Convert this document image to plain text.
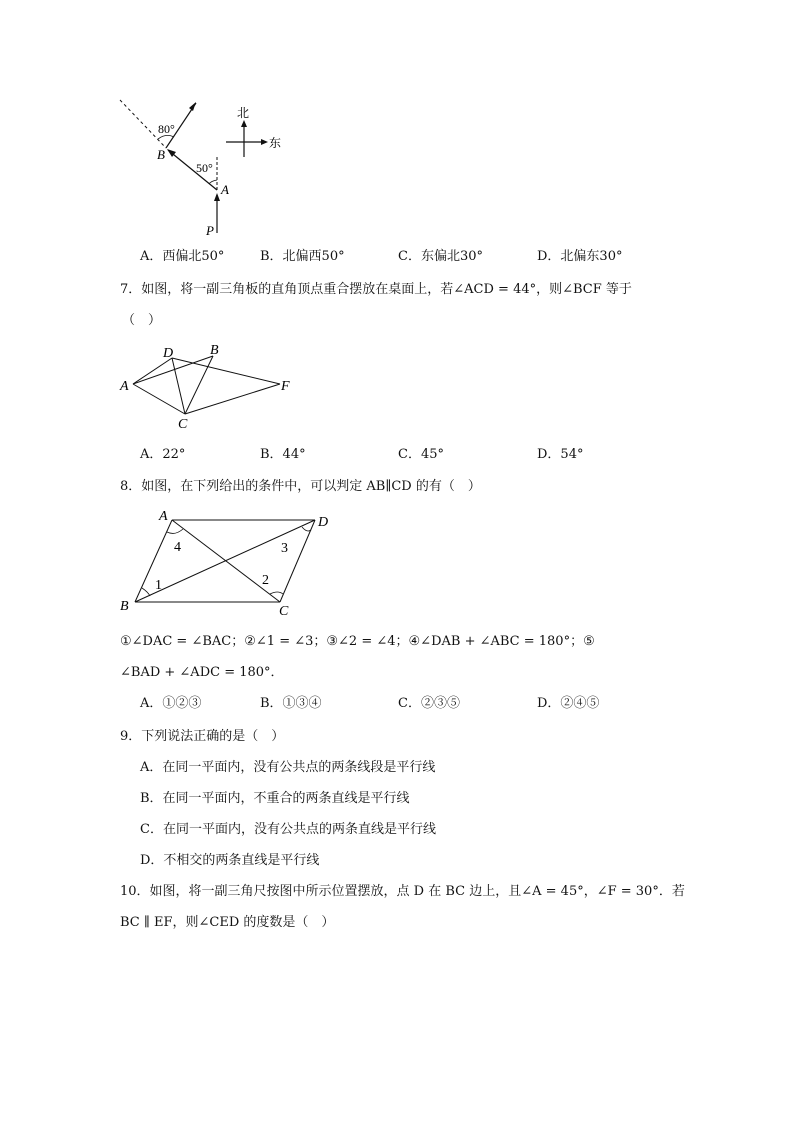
80°
B
50°
A
P
北
东
A．西偏北50°	B．北偏西50°	C．东偏北30°	D．北偏东30°
7．如图，将一副三角板的直角顶点重合摆放在桌面上，若∠ACD = 44°，则∠BCF 等于
（　）
D	B
A	F
C
A．22°	B．44°	C．45°	D．54°
8．如图，在下列给出的条件中，可以判定 AB∥CD 的有（　）
A	D
B	C
4	3
1	2
①∠DAC = ∠BAC；②∠1 = ∠3；③∠2 = ∠4；④∠DAB + ∠ABC = 180°；⑤
∠BAD + ∠ADC = 180°．
A．①②③	B．①③④	C．②③⑤	D．②④⑤
9．下列说法正确的是（　）
A．在同一平面内，没有公共点的两条线段是平行线
B．在同一平面内，不重合的两条直线是平行线
C．在同一平面内，没有公共点的两条直线是平行线
D．不相交的两条直线是平行线
10．如图，将一副三角尺按图中所示位置摆放，点 D 在 BC 边上，且∠A = 45°，∠F = 30°．若
BC ∥ EF，则∠CED 的度数是（　）
